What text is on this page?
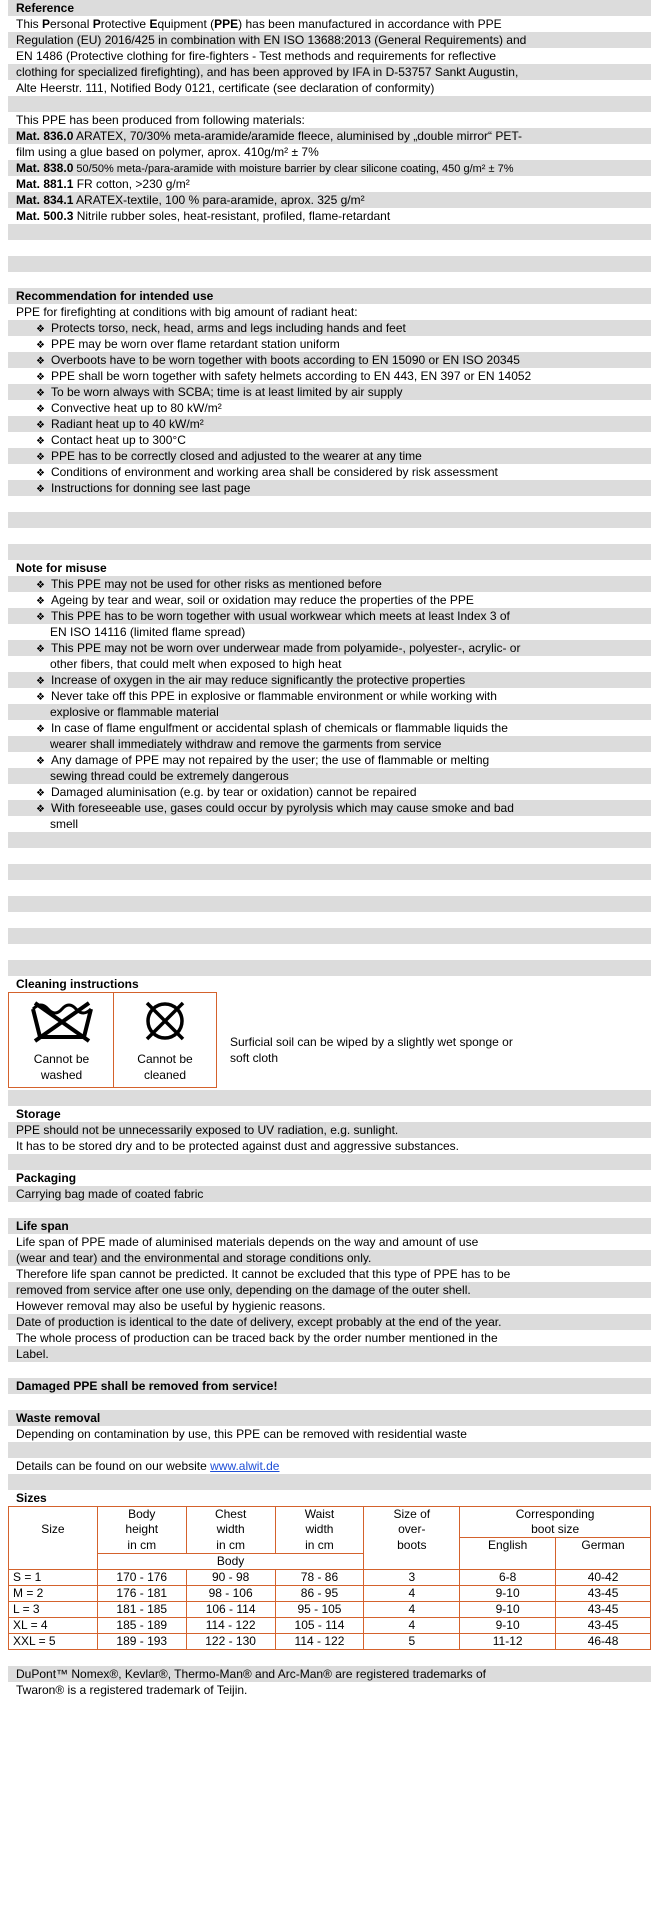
Reference
This Personal Protective Equipment (PPE) has been manufactured in accordance with PPE
Regulation (EU) 2016/425 in combination with EN ISO 13688:2013 (General Requirements) and
EN 1486 (Protective clothing for fire-fighters - Test methods and requirements for reflective
clothing for specialized firefighting), and has been approved by IFA in D-53757 Sankt Augustin,
Alte Heerstr. 111, Notified Body 0121, certificate (see declaration of conformity)
This PPE has been produced from following materials:
Mat. 836.0 ARATEX, 70/30% meta-aramide/aramide fleece, aluminised by „double mirror“ PET-
film using a glue based on polymer, aprox. 410g/m² ± 7%
Mat. 838.0 50/50% meta-/para-aramide with moisture barrier by clear silicone coating, 450 g/m² ± 7%
Mat. 881.1 FR cotton, >230 g/m²
Mat. 834.1 ARATEX-textile, 100 % para-aramide, aprox. 325 g/m²
Mat. 500.3 Nitrile rubber soles, heat-resistant, profiled, flame-retardant
Recommendation for intended use
PPE for firefighting at conditions with big amount of radiant heat:
❖ Protects torso, neck, head, arms and legs including hands and feet
❖ PPE may be worn over flame retardant station uniform
❖ Overboots have to be worn together with boots according to EN 15090 or EN ISO 20345
❖ PPE shall be worn together with safety helmets according to EN 443, EN 397 or EN 14052
❖ To be worn always with SCBA; time is at least limited by air supply
❖ Convective heat up to 80 kW/m²
❖ Radiant heat up to 40 kW/m²
❖ Contact heat up to 300°C
❖ PPE has to be correctly closed and adjusted to the wearer at any time
❖ Conditions of environment and working area shall be considered by risk assessment
❖ Instructions for donning see last page
Note for misuse
❖ This PPE may not be used for other risks as mentioned before
❖ Ageing by tear and wear, soil or oxidation may reduce the properties of the PPE
❖ This PPE has to be worn together with usual workwear which meets at least Index 3 of
EN ISO 14116 (limited flame spread)
❖ This PPE may not be worn over underwear made from polyamide-, polyester-, acrylic- or
other fibers, that could melt when exposed to high heat
❖ Increase of oxygen in the air may reduce significantly the protective properties
❖ Never take off this PPE in explosive or flammable environment or while working with
explosive or flammable material
❖ In case of flame engulfment or accidental splash of chemicals or flammable liquids the
wearer shall immediately withdraw and remove the garments from service
❖ Any damage of PPE may not repaired by the user; the use of flammable or melting
sewing thread could be extremely dangerous
❖ Damaged aluminisation (e.g. by tear or oxidation) cannot be repaired
❖ With foreseeable use, gases could occur by pyrolysis which may cause smoke and bad
smell
Cleaning instructions
Cannot be
washed
Cannot be
cleaned
Surficial soil can be wiped by a slightly wet sponge or
soft cloth
Storage
PPE should not be unnecessarily exposed to UV radiation, e.g. sunlight.
It has to be stored dry and to be protected against dust and aggressive substances.
Packaging
Carrying bag made of coated fabric
Life span
Life span of PPE made of aluminised materials depends on the way and amount of use
(wear and tear) and the environmental and storage conditions only.
Therefore life span cannot be predicted. It cannot be excluded that this type of PPE has to be
removed from service after one use only, depending on the damage of the outer shell.
However removal may also be useful by hygienic reasons.
Date of production is identical to the date of delivery, except probably at the end of the year.
The whole process of production can be traced back by the order number mentioned in the
Label.
Damaged PPE shall be removed from service!
Waste removal
Depending on contamination by use, this PPE can be removed with residential waste
Details can be found on our website www.alwit.de
Sizes
	Body	Chest	Waist	Size of	Corresponding	
Size	height	width	width	over-	boot size	
	in cm	in cm	in cm	boots	English	German
	Body					
S = 1	170 - 176	90 - 98	78 - 86	3	6-8	40-42
M = 2	176 - 181	98 - 106	86 - 95	4	9-10	43-45
L = 3	181 - 185	106 - 114	95 - 105	4	9-10	43-45
XL = 4	185 - 189	114 - 122	105 - 114	4	9-10	43-45
XXL = 5	189 - 193	122 - 130	114 - 122	5	11-12	46-48
DuPont™ Nomex®, Kevlar®, Thermo-Man® and Arc-Man® are registered trademarks of
Twaron® is a registered trademark of Teijin.
